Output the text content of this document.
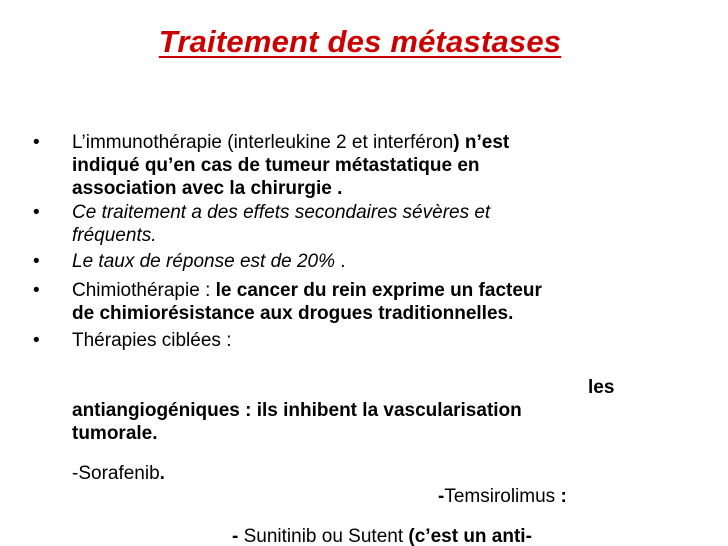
Traitement des métastases
• L’immunothérapie (interleukine 2 et interféron) n’est
indiqué qu’en cas de tumeur métastatique en
association avec la chirurgie .
• Ce traitement a des effets secondaires sévères et
fréquents.
• Le taux de réponse est de 20% .
• Chimiothérapie : le cancer du rein exprime un facteur
de chimiorésistance aux drogues traditionnelles.
• Thérapies ciblées :
les
antiangiogéniques : ils inhibent la vascularisation
tumorale.
-Sorafenib.
-Temsirolimus :
- Sunitinib ou Sutent (c’est un anti-
